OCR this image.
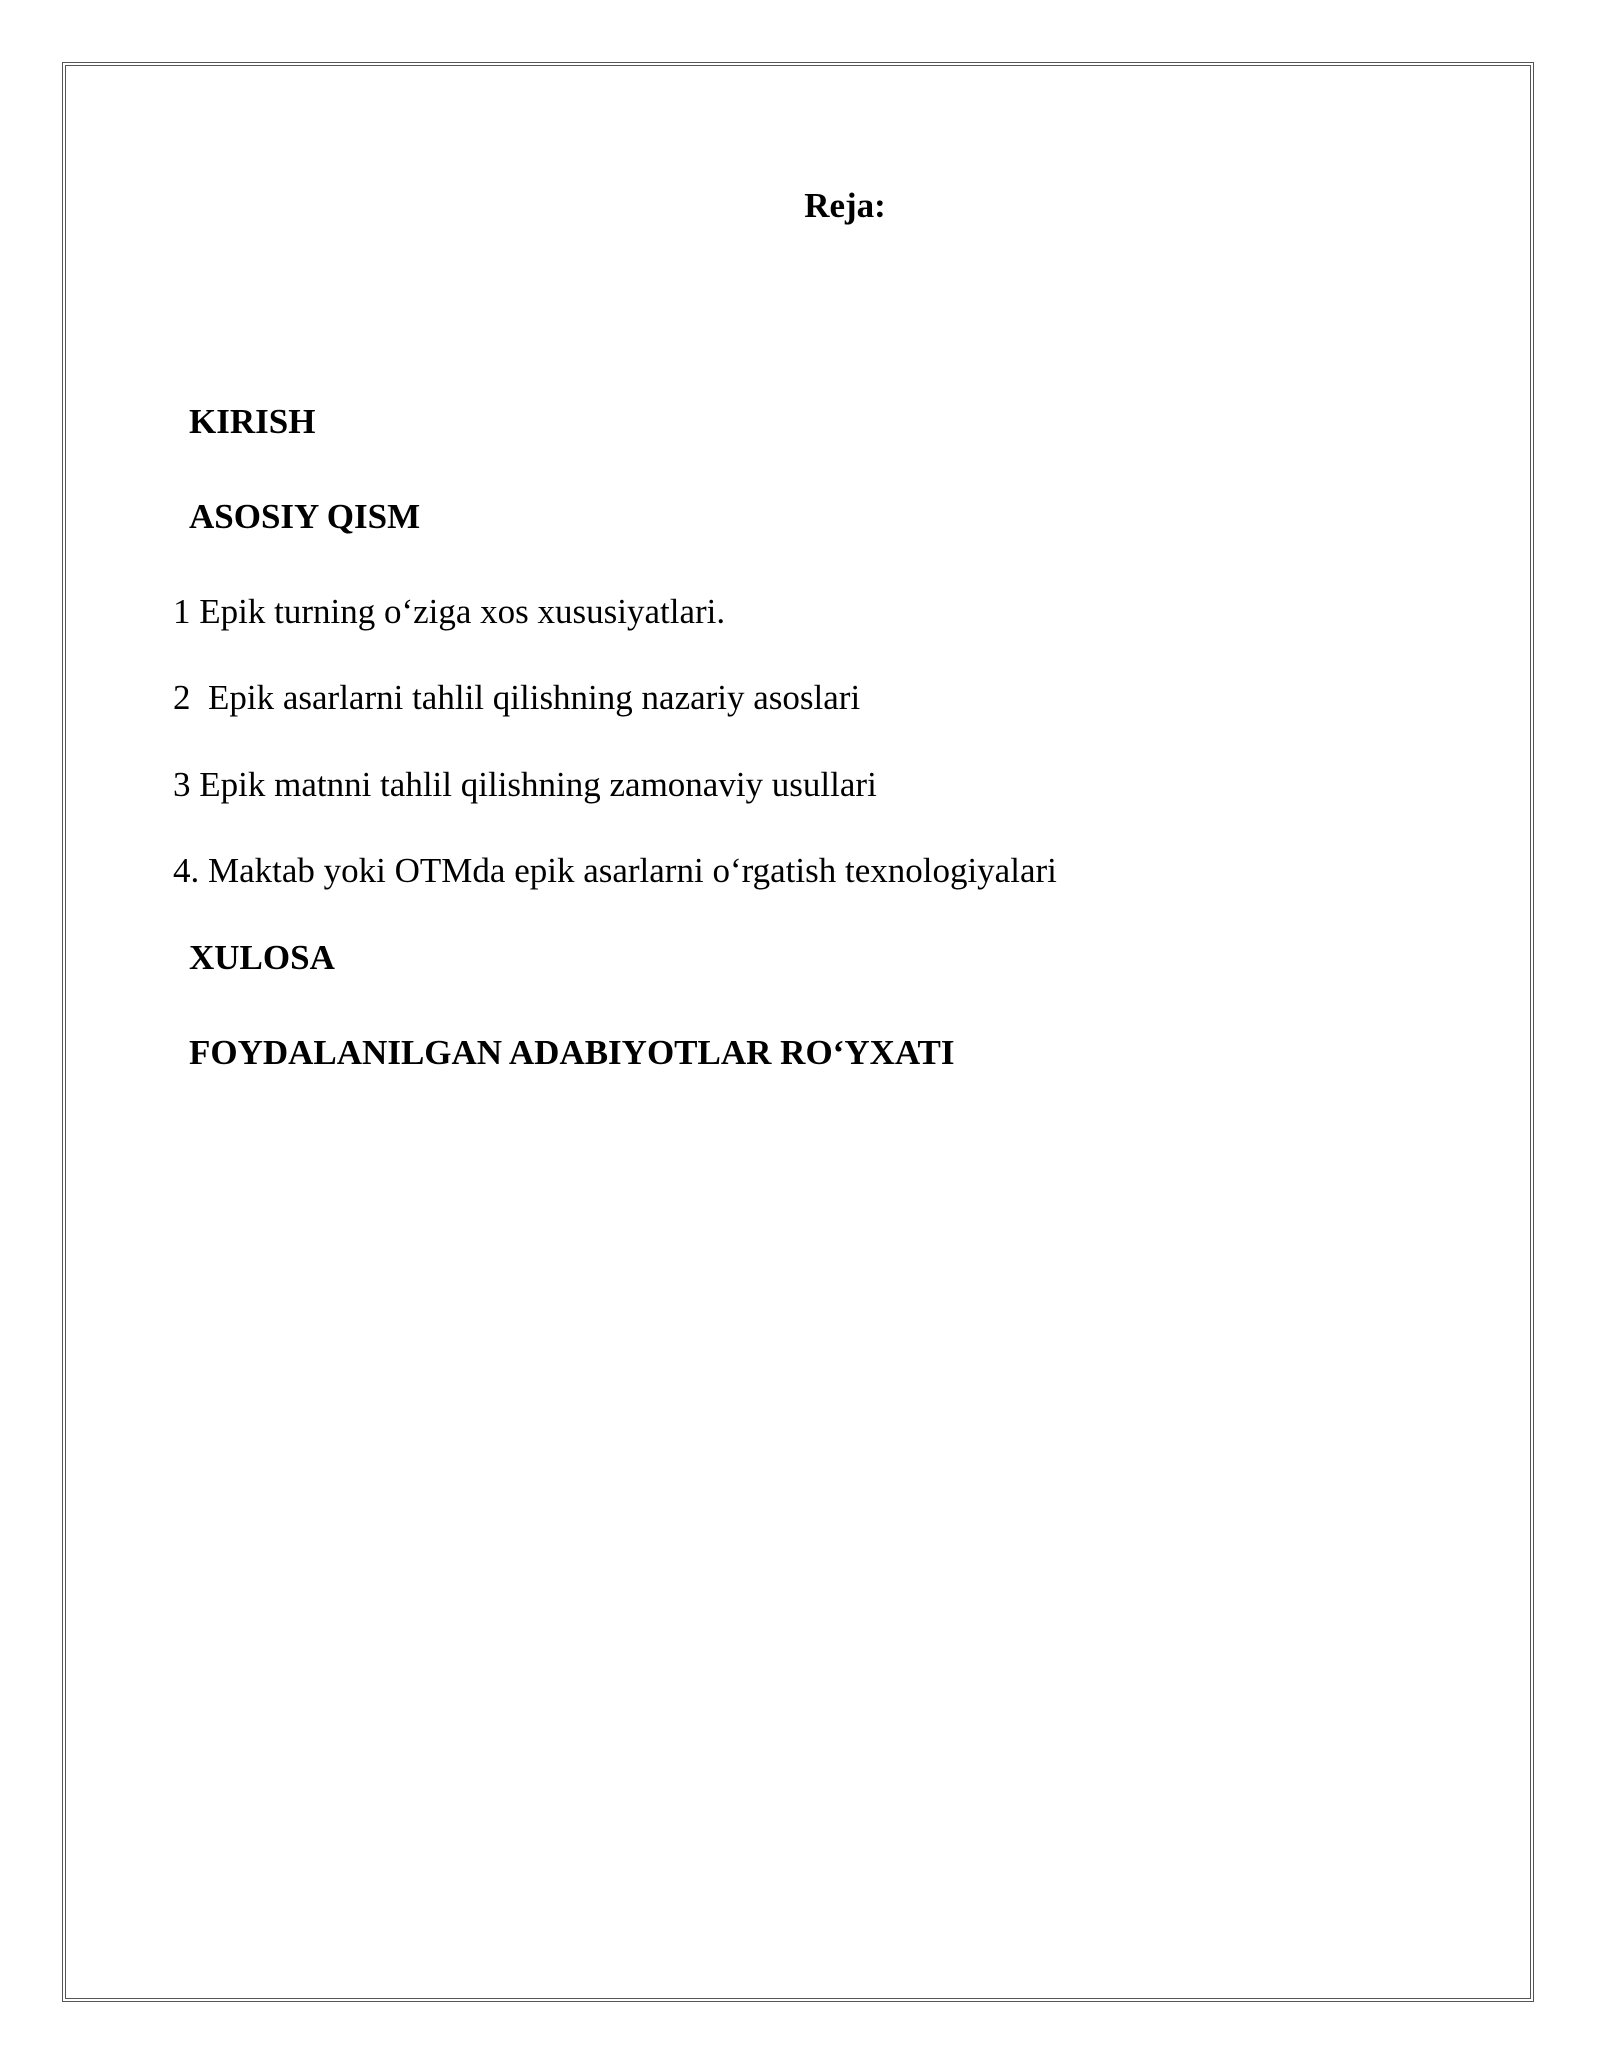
Reja:
KIRISH
ASOSIY QISM
1 Epik turning o‘ziga xos xususiyatlari.
2  Epik asarlarni tahlil qilishning nazariy asoslari
3 Epik matnni tahlil qilishning zamonaviy usullari
4. Maktab yoki OTMda epik asarlarni o‘rgatish texnologiyalari
XULOSA
FOYDALANILGAN ADABIYOTLAR RO‘YXATI
